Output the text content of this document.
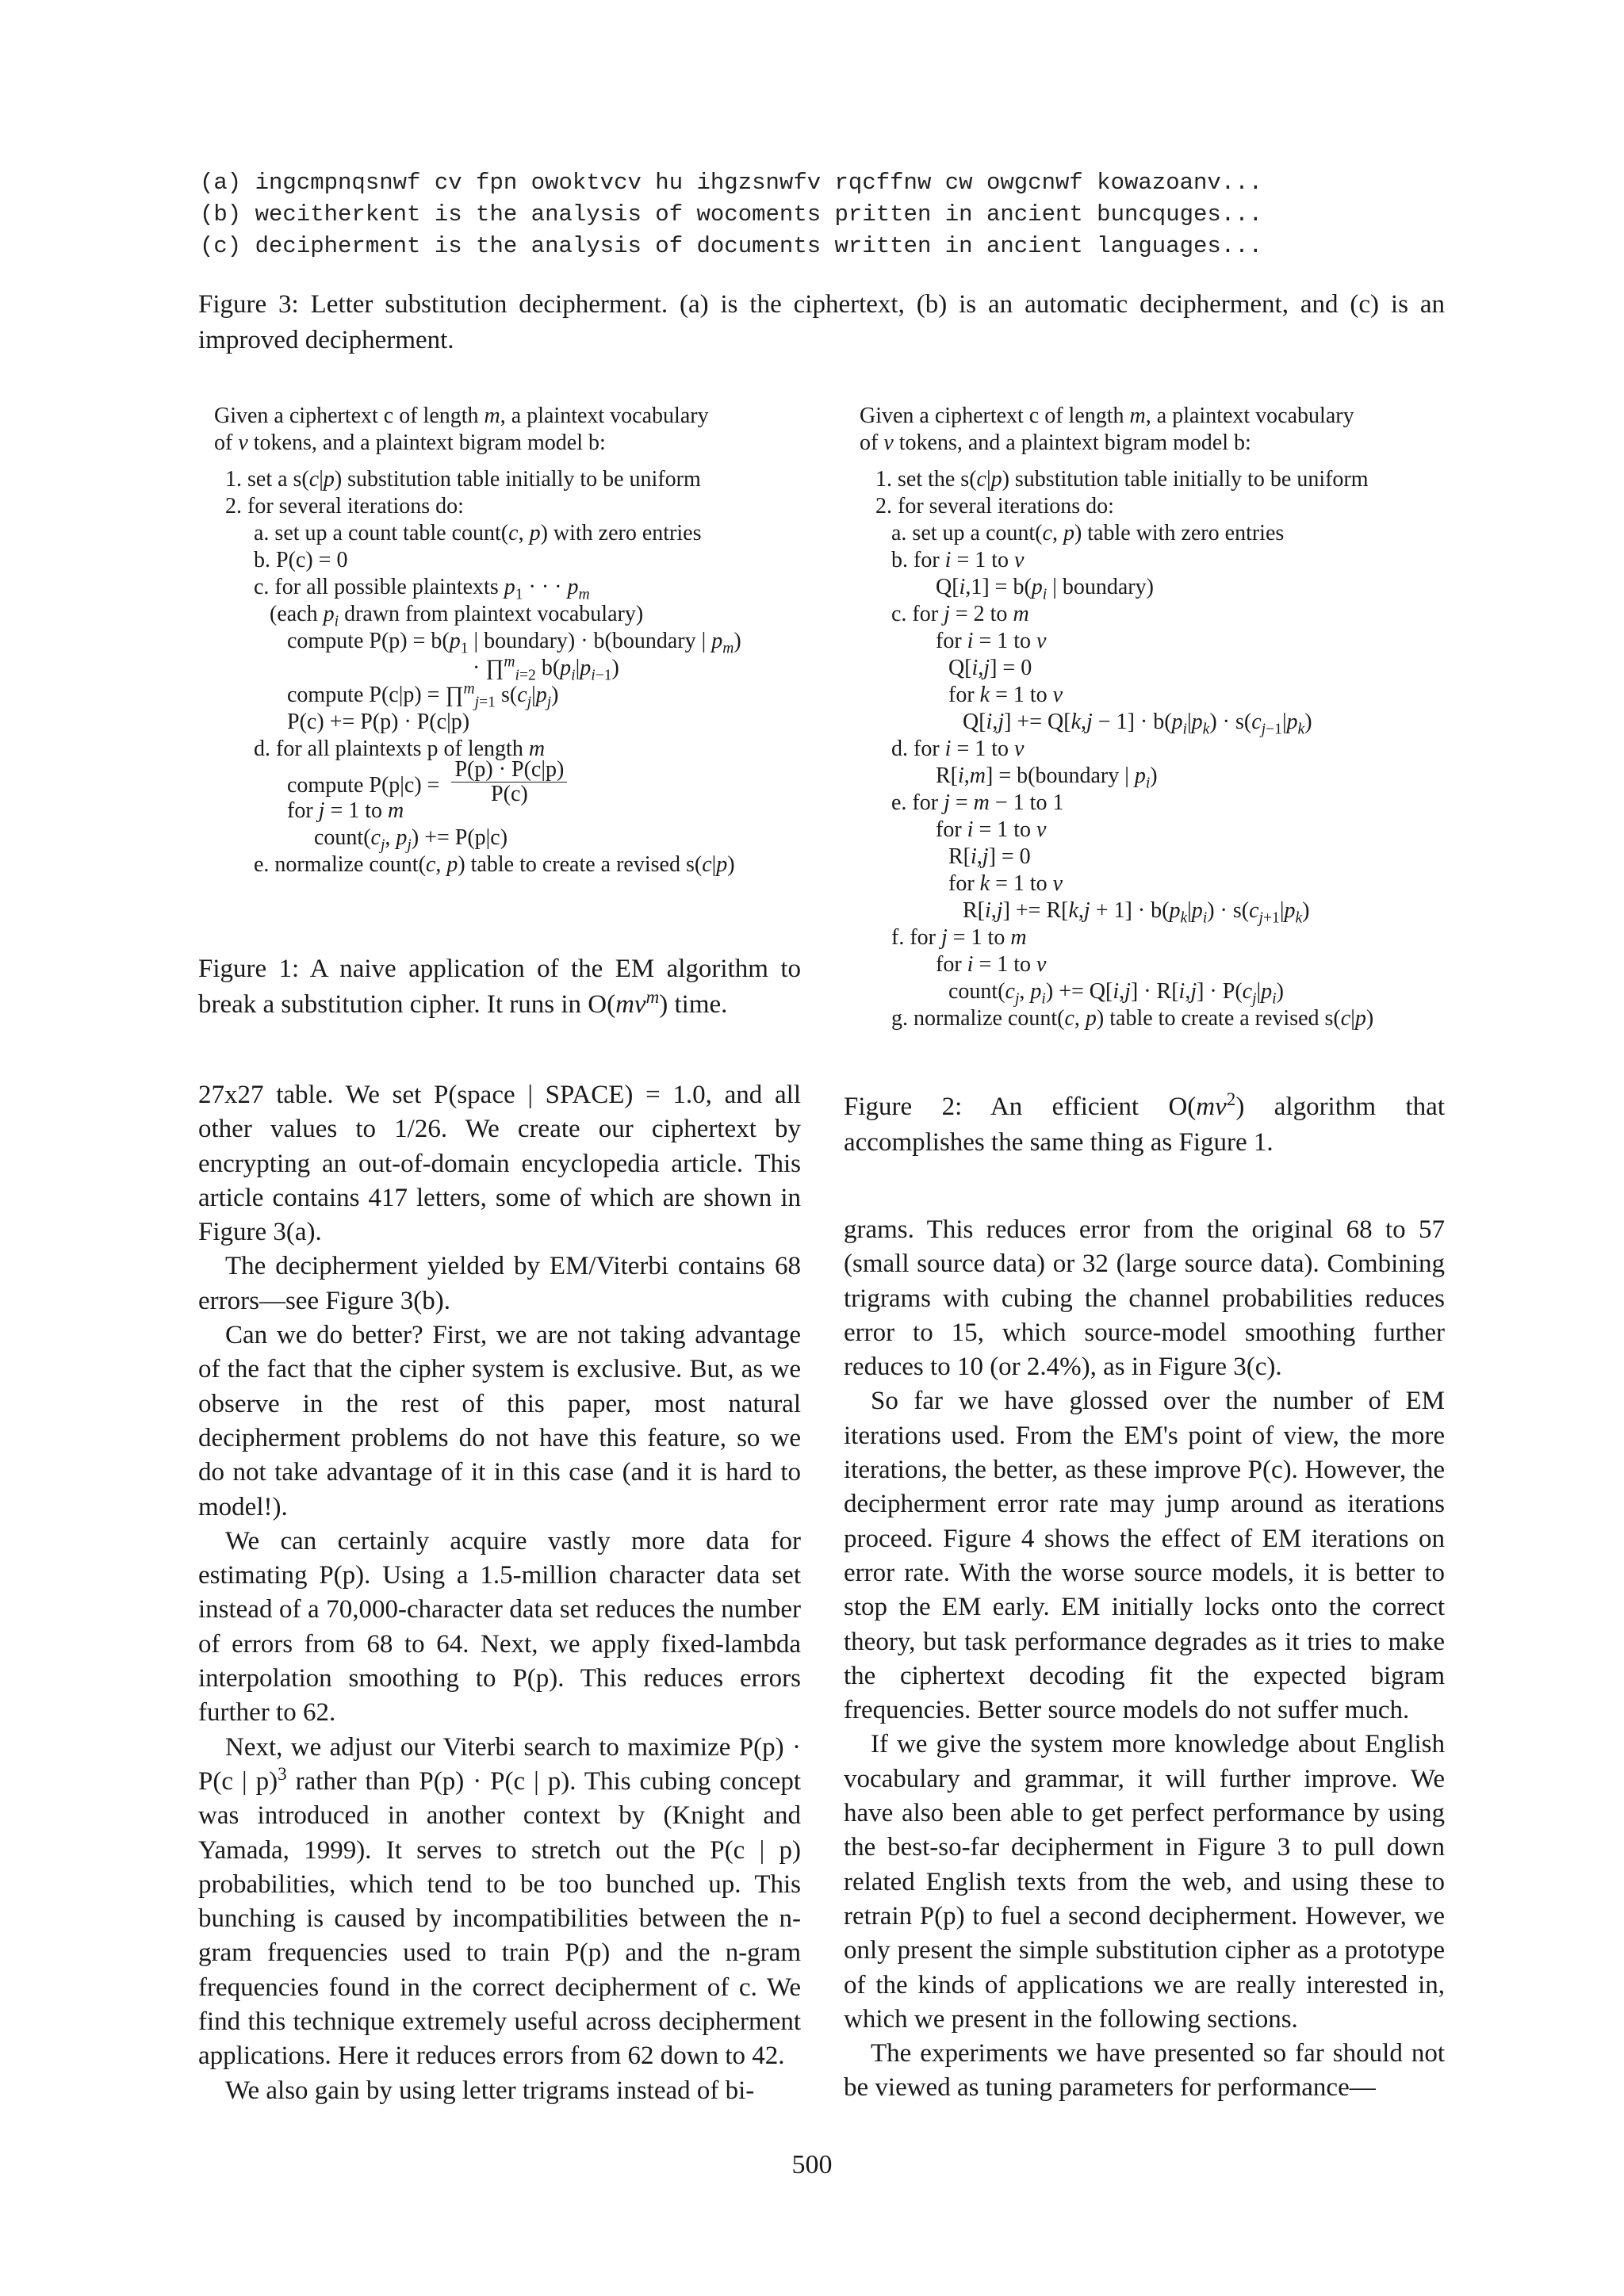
(a) ingcmpnqsnwf cv fpn owoktvcv hu ihgzsnwfv rqcffnw cw owgcnwf kowazoanv...
(b) wecitherkent is the analysis of wocoments pritten in ancient buncquges...
(c) decipherment is the analysis of documents written in ancient languages...
Figure 3: Letter substitution decipherment. (a) is the ciphertext, (b) is an automatic decipherment, and (c) is an improved decipherment.
Given a ciphertext c of length m, a plaintext vocabulary
of v tokens, and a plaintext bigram model b:
1. set a s(c|p) substitution table initially to be uniform
2. for several iterations do:
a. set up a count table count(c, p) with zero entries
b. P(c) = 0
c. for all possible plaintexts $p_1$ · · · $p_m$
(each $p_i$ drawn from plaintext vocabulary)
compute $P(p) = b(p_1$ | boundary) · b(boundary | $p_m$)
· ∏$^m_{i=2}$ $b(p_i|p_{i-1})$
compute P(c|p) = ∏$^m_{j=1}$ $s(c_j|p_j)$
P(c) += P(p) · P(c|p)
d. for all plaintexts p of length m
compute $P(p|c) = \frac{P(p) \cdot P(c|p)}{P(c)}$
for j = 1 to m
$count(c_j$, $p_j) += P(p|c)$
e. normalize count(c, p) table to create a revised s(c|p)
Figure 1: A naive application of the EM algorithm to
break a substitution cipher. It runs in $O(mv^m)$ time.
Given a ciphertext c of length m, a plaintext vocabulary
of v tokens, and a plaintext bigram model b:
1. set the s(c|p) substitution table initially to be uniform
2. for several iterations do:
a. set up a count(c, p) table with zero entries
b. for i = 1 to v
$Q[i,1] = b(p_i$ | boundary)
c. for j = 2 to m
for i = 1 to v
Q[i,j] = 0
for k = 1 to v
$Q[i,j] += Q[k,j - 1] \cdot b(p_i|p_k) \cdot s(c_{j-1}|p_k)$
d. for i = 1 to v
R[i,m] = b(boundary | $p_i$)
e. for j = m − 1 to 1
for i = 1 to v
R[i,j] = 0
for k = 1 to v
$R[i,j] += R[k,j + 1] \cdot b(p_k|p_i) \cdot s(c_{j+1}|p_k)$
f. for j = 1 to m
for i = 1 to v
$count(c_j$, $p_i) += Q[i,j] \cdot R[i,j] \cdot P(c_j|p_i)$
g. normalize count(c, p) table to create a revised s(c|p)
Figure 2: An efficient $O(mv^2)$ algorithm that accomplishes the same thing as Figure 1.

27x27 table. We set P(space | SPACE) = 1.0, and all other values to 1/26. We create our ciphertext by encrypting an out-of-domain encyclopedia article. This article contains 417 letters, some of which are shown in Figure 3(a).

The decipherment yielded by EM/Viterbi contains 68 errors—see Figure 3(b).

Can we do better? First, we are not taking advantage of the fact that the cipher system is exclusive. But, as we observe in the rest of this paper, most natural decipherment problems do not have this feature, so we do not take advantage of it in this case (and it is hard to model!).

We can certainly acquire vastly more data for estimating P(p). Using a 1.5-million character data set instead of a 70,000-character data set reduces the number of errors from 68 to 64. Next, we apply fixed-lambda interpolation smoothing to P(p). This reduces errors further to 62.

Next, we adjust our Viterbi search to maximize P(p) · P(c | p)$^3$ rather than P(p) · P(c | p). This cubing concept was introduced in another context by (Knight and Yamada, 1999). It serves to stretch out the P(c | p) probabilities, which tend to be too bunched up. This bunching is caused by incompatibilities between the n-gram frequencies used to train P(p) and the n-gram frequencies found in the correct decipherment of c. We find this technique extremely useful across decipherment applications. Here it reduces errors from 62 down to 42.

We also gain by using letter trigrams instead of bi-

grams. This reduces error from the original 68 to 57 (small source data) or 32 (large source data). Combining trigrams with cubing the channel probabilities reduces error to 15, which source-model smoothing further reduces to 10 (or 2.4%), as in Figure 3(c).

So far we have glossed over the number of EM iterations used. From the EM's point of view, the more iterations, the better, as these improve P(c). However, the decipherment error rate may jump around as iterations proceed. Figure 4 shows the effect of EM iterations on error rate. With the worse source models, it is better to stop the EM early. EM initially locks onto the correct theory, but task performance degrades as it tries to make the ciphertext decoding fit the expected bigram frequencies. Better source models do not suffer much.

If we give the system more knowledge about English vocabulary and grammar, it will further improve. We have also been able to get perfect performance by using the best-so-far decipherment in Figure 3 to pull down related English texts from the web, and using these to retrain P(p) to fuel a second decipherment. However, we only present the simple substitution cipher as a prototype of the kinds of applications we are really interested in, which we present in the following sections.

The experiments we have presented so far should not be viewed as tuning parameters for performance—

500
